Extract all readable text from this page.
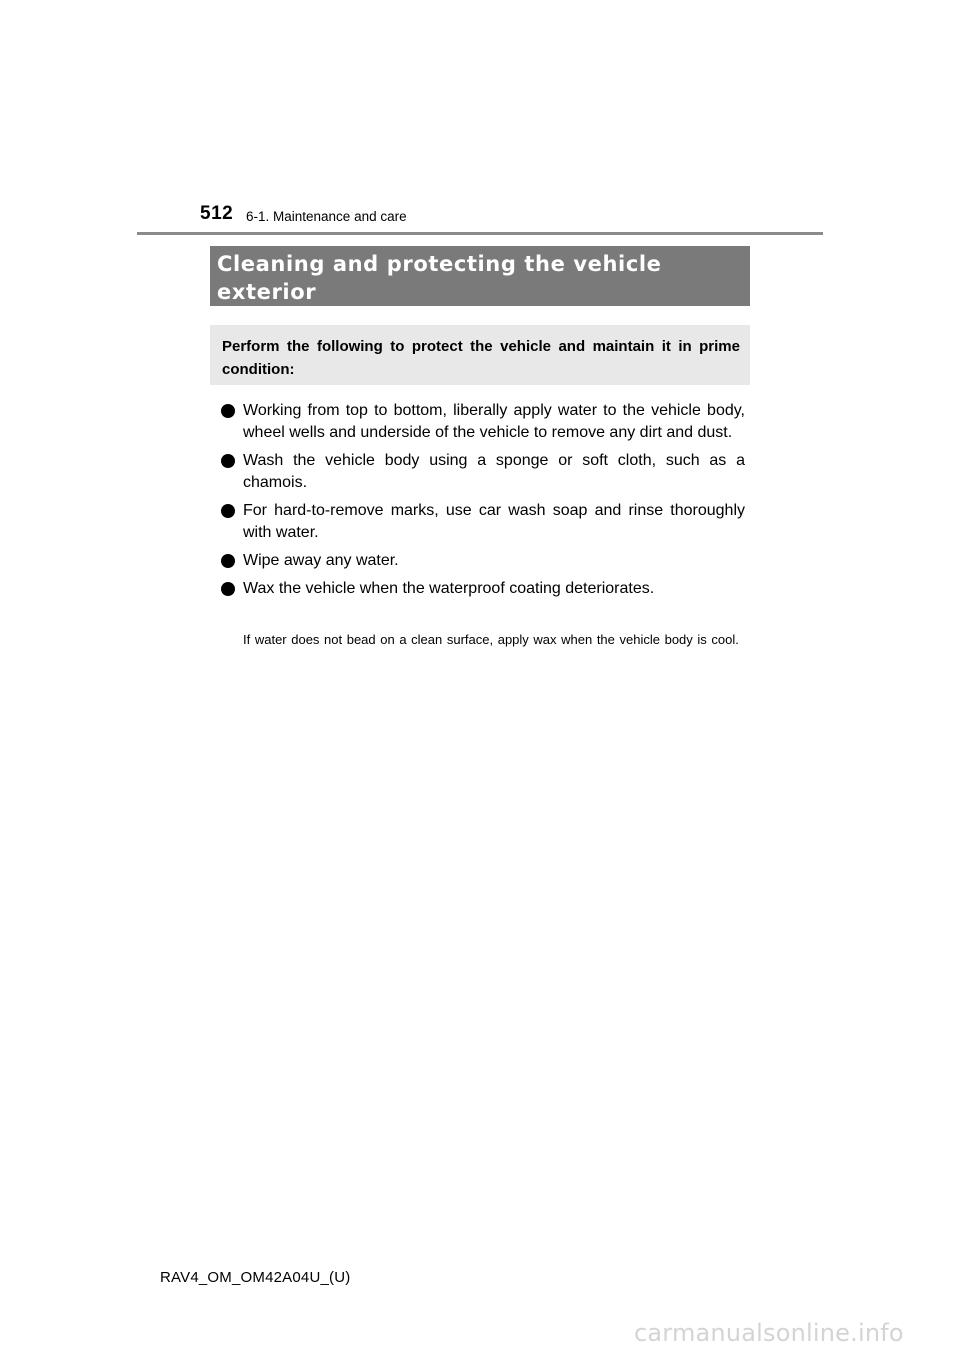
512 6-1. Maintenance and care
Cleaning and protecting the vehicle exterior

Perform the following to protect the vehicle and maintain it in prime condition:

Working from top to bottom, liberally apply water to the vehicle body, wheel wells and underside of the vehicle to remove any dirt and dust.
Wash the vehicle body using a sponge or soft cloth, such as a chamois.
For hard-to-remove marks, use car wash soap and rinse thoroughly with water.
Wipe away any water.
Wax the vehicle when the waterproof coating deteriorates.

If water does not bead on a clean surface, apply wax when the vehicle body is cool.

RAV4_OM_OM42A04U_(U)
carmanualsonline.info
